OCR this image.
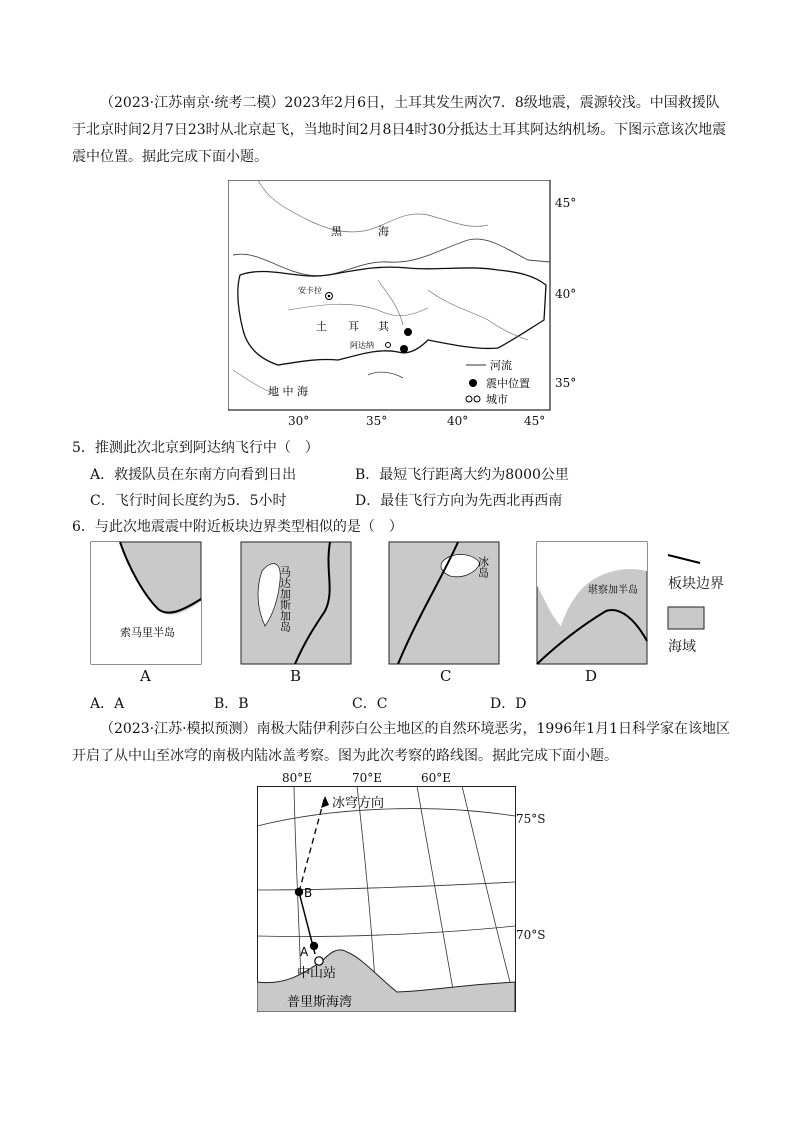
（2023·江苏南京·统考二模）2023年2月6日，土耳其发生两次7．8级地震，震源较浅。中国救援队于北京时间2月7日23时从北京起飞，当地时间2月8日4时30分抵达土耳其阿达纳机场。下图示意该次地震震中位置。据此完成下面小题。
黑	海
安卡拉
土 耳 其
阿达纳
地 中 海
河流
震中位置
城市
45°
40°
35°
30°	35°	40°	45°
5．推测此次北京到阿达纳飞行中（　）
A．救援队员在东南方向看到日出	B．最短飞行距离大约为8000公里
C．飞行时间长度约为5．5小时	D．最佳飞行方向为先西北再西南
6．与此次地震震中附近板块边界类型相似的是（　）
索马里半岛
A
马达加斯加岛
B
冰岛
C
堪察加半岛
D
板块边界
海域
A．A	B．B	C．C	D．D
（2023·江苏·模拟预测）南极大陆伊利莎白公主地区的自然环境恶劣，1996年1月1日科学家在该地区开启了从中山至冰穹的南极内陆冰盖考察。图为此次考察的路线图。据此完成下面小题。
80°E	70°E	60°E
冰穹方向
B
A
中山站
普里斯海湾
75°S
70°S
